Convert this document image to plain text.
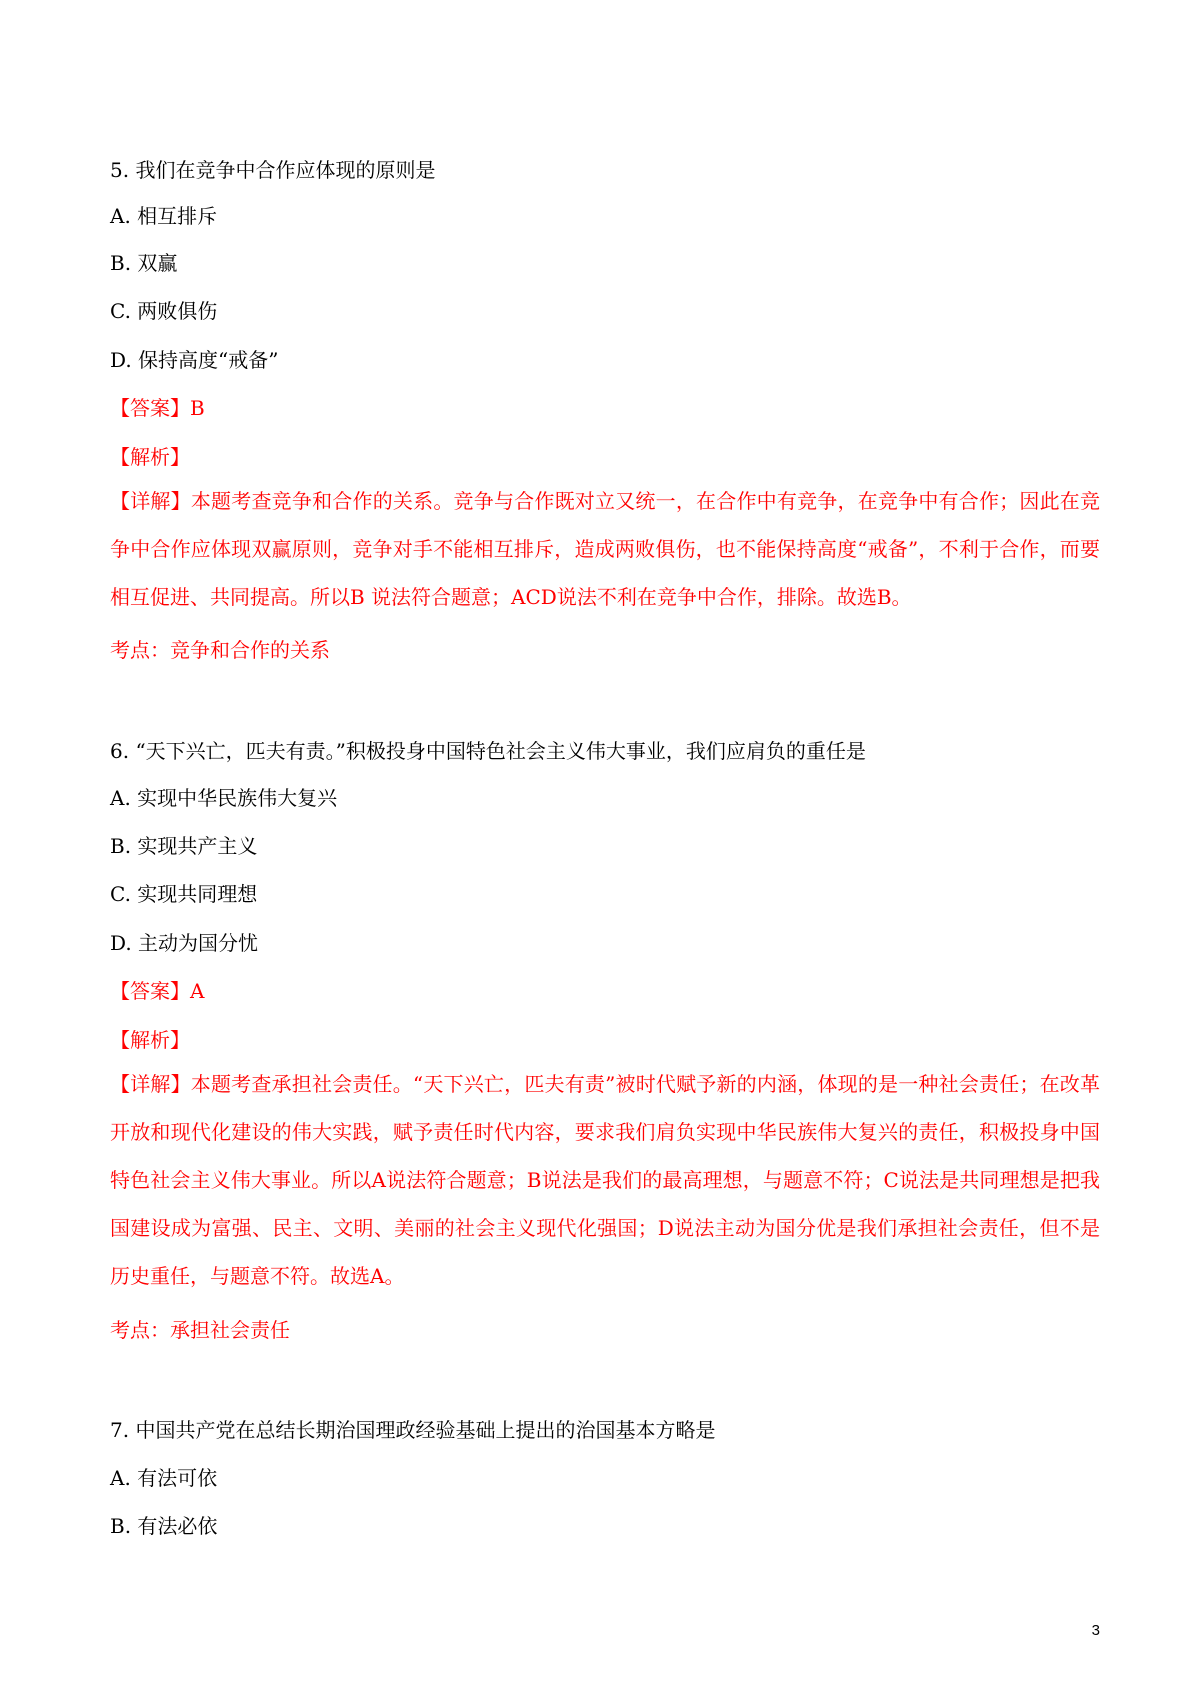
5. 我们在竞争中合作应体现的原则是
A. 相互排斥
B. 双赢
C. 两败俱伤
D. 保持高度“戒备”
【答案】B
【解析】
【详解】本题考查竞争和合作的关系。竞争与合作既对立又统一，在合作中有竞争，在竞争中有合作；因此在竞争中合作应体现双赢原则，竞争对手不能相互排斥，造成两败俱伤，也不能保持高度“戒备”，不利于合作，而要相互促进、共同提高。所以B 说法符合题意；ACD说法不利在竞争中合作，排除。故选B。
考点：竞争和合作的关系
6. “天下兴亡，匹夫有责。”积极投身中国特色社会主义伟大事业，我们应肩负的重任是
A. 实现中华民族伟大复兴
B. 实现共产主义
C. 实现共同理想
D. 主动为国分忧
【答案】A
【解析】
【详解】本题考查承担社会责任。“天下兴亡，匹夫有责”被时代赋予新的内涵，体现的是一种社会责任；在改革开放和现代化建设的伟大实践，赋予责任时代内容，要求我们肩负实现中华民族伟大复兴的责任，积极投身中国特色社会主义伟大事业。所以A说法符合题意；B说法是我们的最高理想，与题意不符；C说法是共同理想是把我国建设成为富强、民主、文明、美丽的社会主义现代化强国；D说法主动为国分优是我们承担社会责任，但不是历史重任，与题意不符。故选A。
考点：承担社会责任
7. 中国共产党在总结长期治国理政经验基础上提出的治国基本方略是
A. 有法可依
B. 有法必依
3
